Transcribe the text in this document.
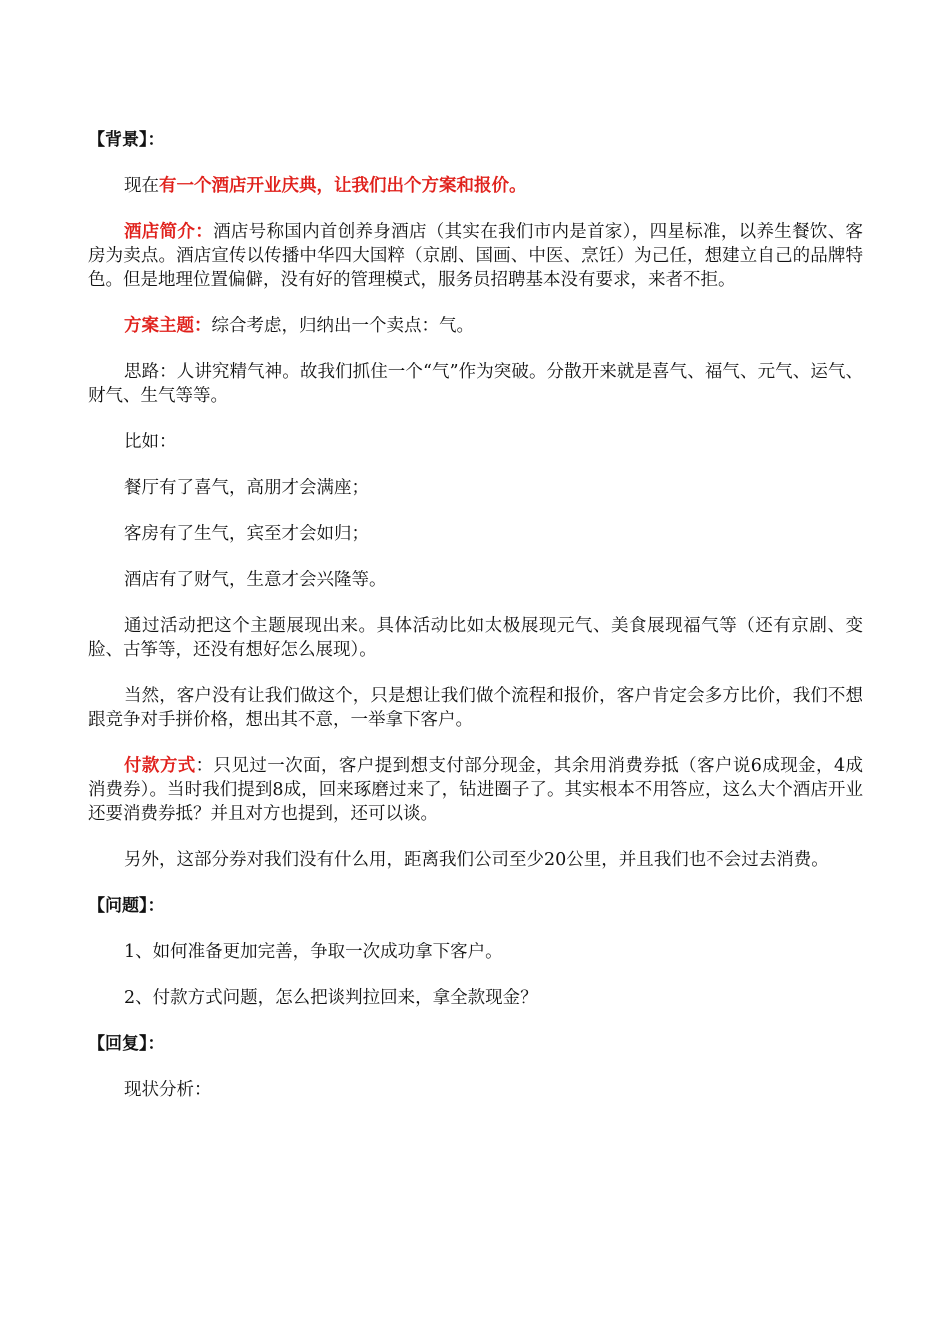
【背景】：

现在有一个酒店开业庆典，让我们出个方案和报价。

酒店简介：酒店号称国内首创养身酒店（其实在我们市内是首家），四星标准，以养生餐饮、客房为卖点。酒店宣传以传播中华四大国粹（京剧、国画、中医、烹饪）为己任，想建立自己的品牌特色。但是地理位置偏僻，没有好的管理模式，服务员招聘基本没有要求，来者不拒。

方案主题：综合考虑，归纳出一个卖点：气。

思路：人讲究精气神。故我们抓住一个“气”作为突破。分散开来就是喜气、福气、元气、运气、财气、生气等等。

比如：

餐厅有了喜气，高朋才会满座；

客房有了生气，宾至才会如归；

酒店有了财气，生意才会兴隆等。

通过活动把这个主题展现出来。具体活动比如太极展现元气、美食展现福气等（还有京剧、变脸、古筝等，还没有想好怎么展现）。

当然，客户没有让我们做这个，只是想让我们做个流程和报价，客户肯定会多方比价，我们不想跟竞争对手拼价格，想出其不意，一举拿下客户。

付款方式：只见过一次面，客户提到想支付部分现金，其余用消费券抵（客户说6成现金，4成消费券）。当时我们提到8成，回来琢磨过来了，钻进圈子了。其实根本不用答应，这么大个酒店开业还要消费券抵？并且对方也提到，还可以谈。

另外，这部分券对我们没有什么用，距离我们公司至少20公里，并且我们也不会过去消费。

【问题】：

1、如何准备更加完善，争取一次成功拿下客户。

2、付款方式问题，怎么把谈判拉回来，拿全款现金？

【回复】：

现状分析：
